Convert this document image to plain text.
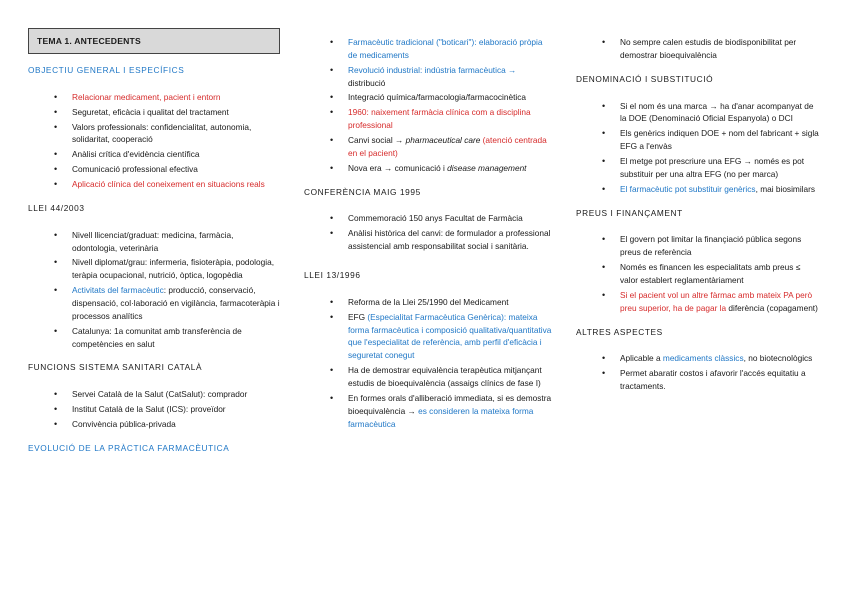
TEMA 1. ANTECEDENTS
OBJECTIU GENERAL I ESPECÍFICS
• Relacionar medicament, pacient i entorn
• Seguretat, eficàcia i qualitat del tractament
• Valors professionals: confidencialitat, autonomia, solidaritat, cooperació
• Anàlisi crítica d'evidència científica
• Comunicació professional efectiva
• Aplicació clínica del coneixement en situacions reals
LLEI 44/2003
• Nivell llicenciat/graduat: medicina, farmàcia, odontologia, veterinària
• Nivell diplomat/grau: infermeria, fisioteràpia, podologia, teràpia ocupacional, nutrició, òptica, logopèdia
• Activitats del farmacèutic: producció, conservació, dispensació, col·laboració en vigilància, farmacoteràpia i processos analítics
• Catalunya: 1a comunitat amb transferència de competències en salut
FUNCIONS SISTEMA SANITARI CATALÀ
• Servei Català de la Salut (CatSalut): comprador
• Institut Català de la Salut (ICS): proveïdor
• Convivència pública-privada
EVOLUCIÓ DE LA PRÀCTICA FARMACÈUTICA
• Farmacèutic tradicional ("boticari"): elaboració pròpia de medicaments
• Revolució industrial: indústria farmacèutica → distribució
• Integració química/farmacologia/farmacocinètica
• 1960: naixement farmàcia clínica com a disciplina professional
• Canvi social → pharmaceutical care (atenció centrada en el pacient)
• Nova era → comunicació i disease management
CONFERÈNCIA MAIG 1995
• Commemoració 150 anys Facultat de Farmàcia
• Anàlisi històrica del canvi: de formulador a professional assistencial amb responsabilitat social i sanitària.
LLEI 13/1996
• Reforma de la Llei 25/1990 del Medicament
• EFG (Especialitat Farmacèutica Genèrica): mateixa forma farmacèutica i composició qualitativa/quantitativa que l'especialitat de referència, amb perfil d'eficàcia i seguretat conegut
• Ha de demostrar equivalència terapèutica mitjançant estudis de bioequivalència (assaigs clínics de fase I)
• En formes orals d'alliberació immediata, si es demostra bioequivalència → es consideren la mateixa forma farmacèutica
• No sempre calen estudis de biodisponibilitat per demostrar bioequivalència
DENOMINACIÓ I SUBSTITUCIÓ
• Si el nom és una marca → ha d'anar acompanyat de la DOE (Denominació Oficial Espanyola) o DCI
• Els genèrics indiquen DOE + nom del fabricant + sigla EFG a l'envàs
• El metge pot prescriure una EFG → només es pot substituir per una altra EFG (no per marca)
• El farmacèutic pot substituir genèrics, mai biosimilars
PREUS I FINANÇAMENT
• El govern pot limitar la finançiació pública segons preus de referència
• Només es financen les especialitats amb preus ≤ valor establert reglamentàriament
• Si el pacient vol un altre fàrmac amb mateix PA però preu superior, ha de pagar la diferència (copagament)
ALTRES ASPECTES
• Aplicable a medicaments clàssics, no biotecnològics
• Permet abaratir costos i afavorir l'accés equitatiu a tractaments.
